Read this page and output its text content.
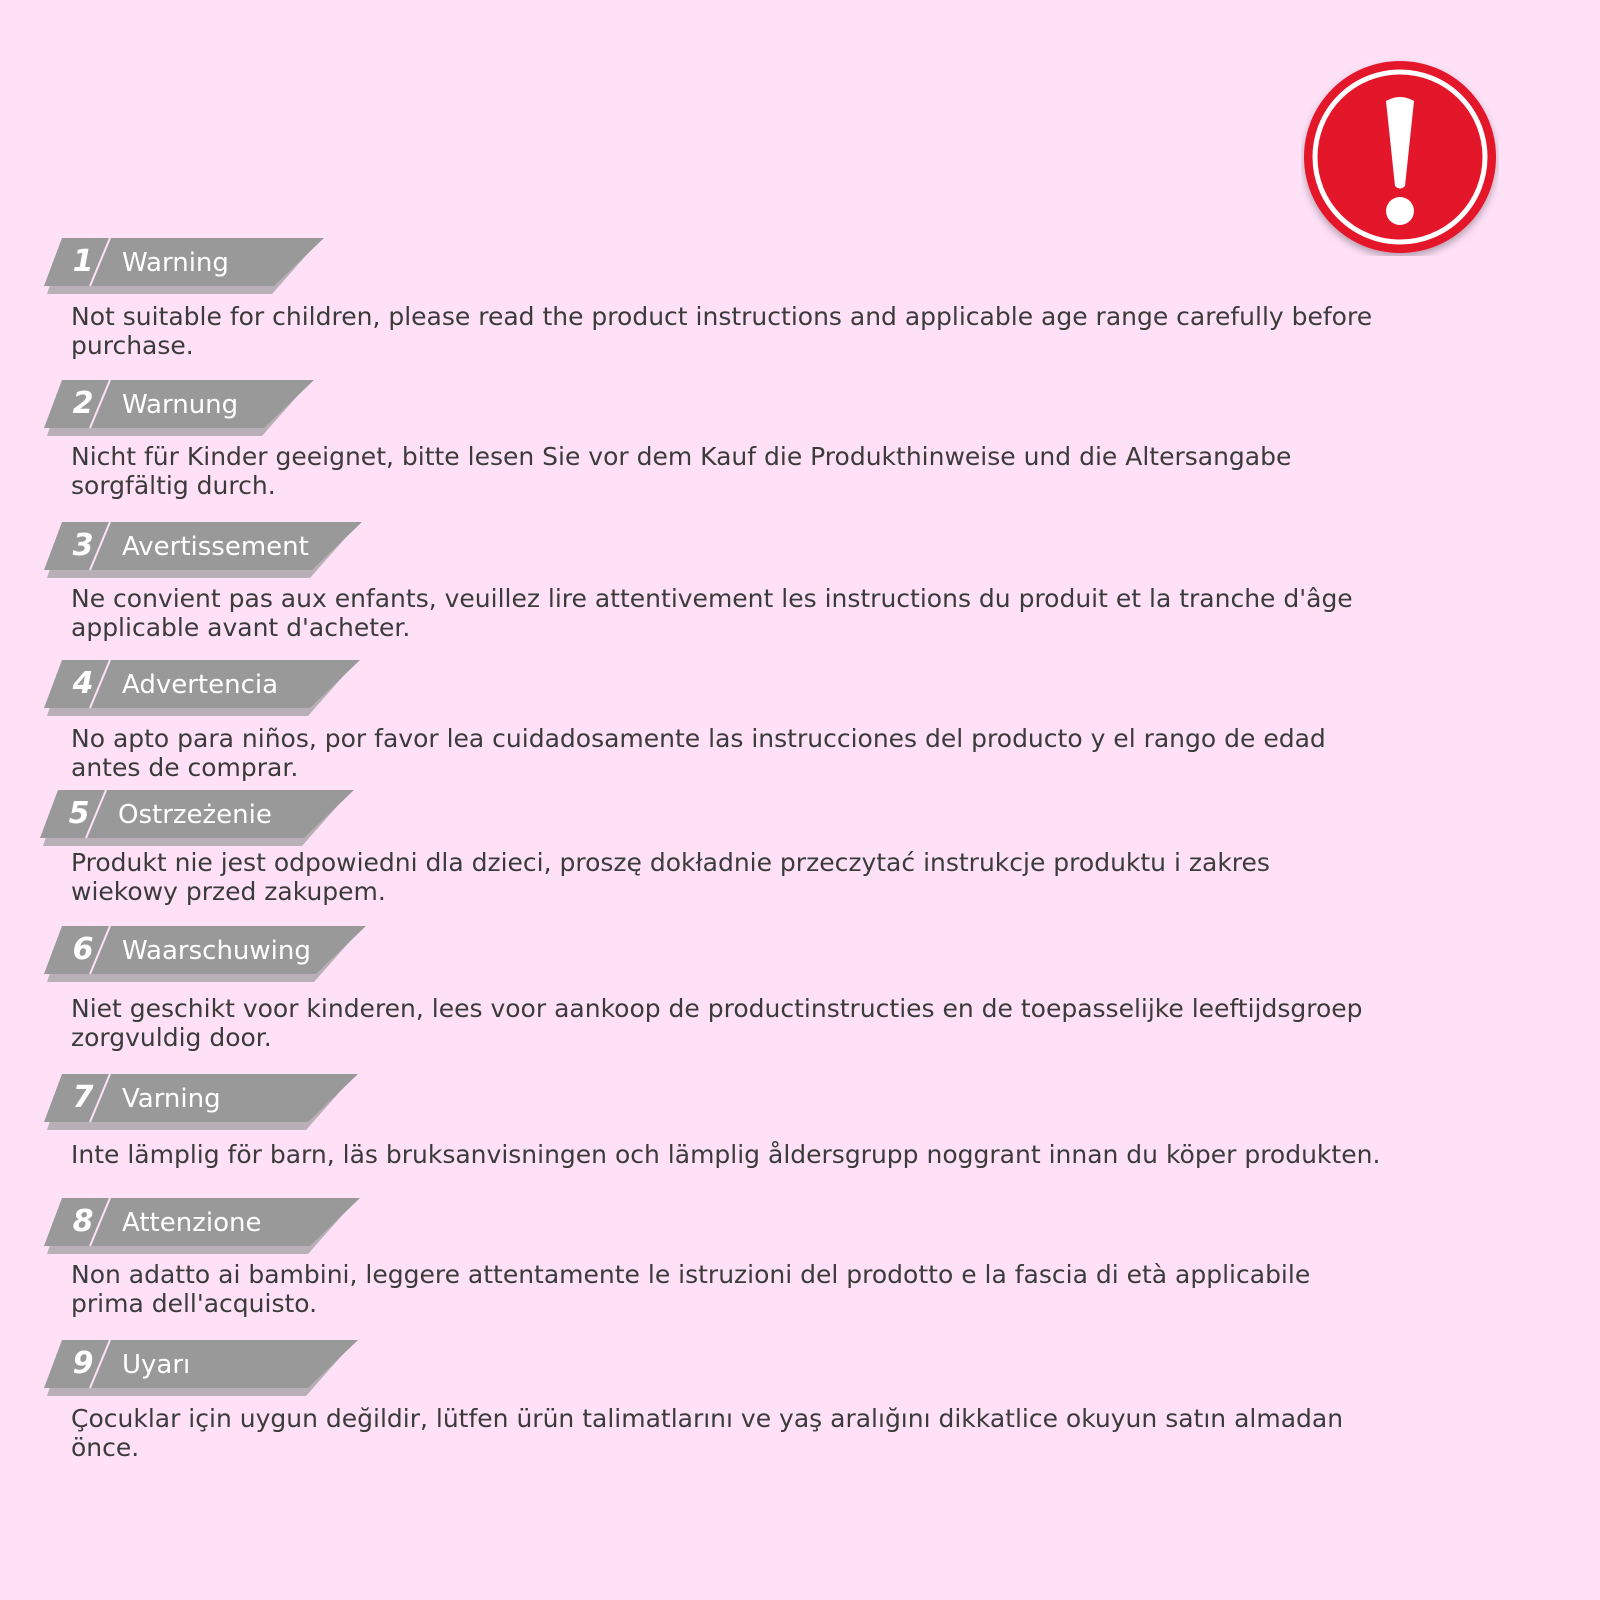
1 Warning

Not suitable for children, please read the product instructions and applicable age range carefully before purchase.

2 Warnung

Nicht für Kinder geeignet, bitte lesen Sie vor dem Kauf die Produkthinweise und die Altersangabe sorgfältig durch.

3 Avertissement

Ne convient pas aux enfants, veuillez lire attentivement les instructions du produit et la tranche d'âge applicable avant d'acheter.

4 Advertencia

No apto para niños, por favor lea cuidadosamente las instrucciones del producto y el rango de edad antes de comprar.

5 Ostrzeżenie

Produkt nie jest odpowiedni dla dzieci, proszę dokładnie przeczytać instrukcje produktu i zakres wiekowy przed zakupem.

6 Waarschuwing

Niet geschikt voor kinderen, lees voor aankoop de productinstructies en de toepasselijke leeftijdsgroep zorgvuldig door.

7 Varning

Inte lämplig för barn, läs bruksanvisningen och lämplig åldersgrupp noggrant innan du köper produkten.

8 Attenzione

Non adatto ai bambini, leggere attentamente le istruzioni del prodotto e la fascia di età applicabile prima dell'acquisto.

9 Uyarı

Çocuklar için uygun değildir, lütfen ürün talimatlarını ve yaş aralığını dikkatlice okuyun satın almadan önce.
